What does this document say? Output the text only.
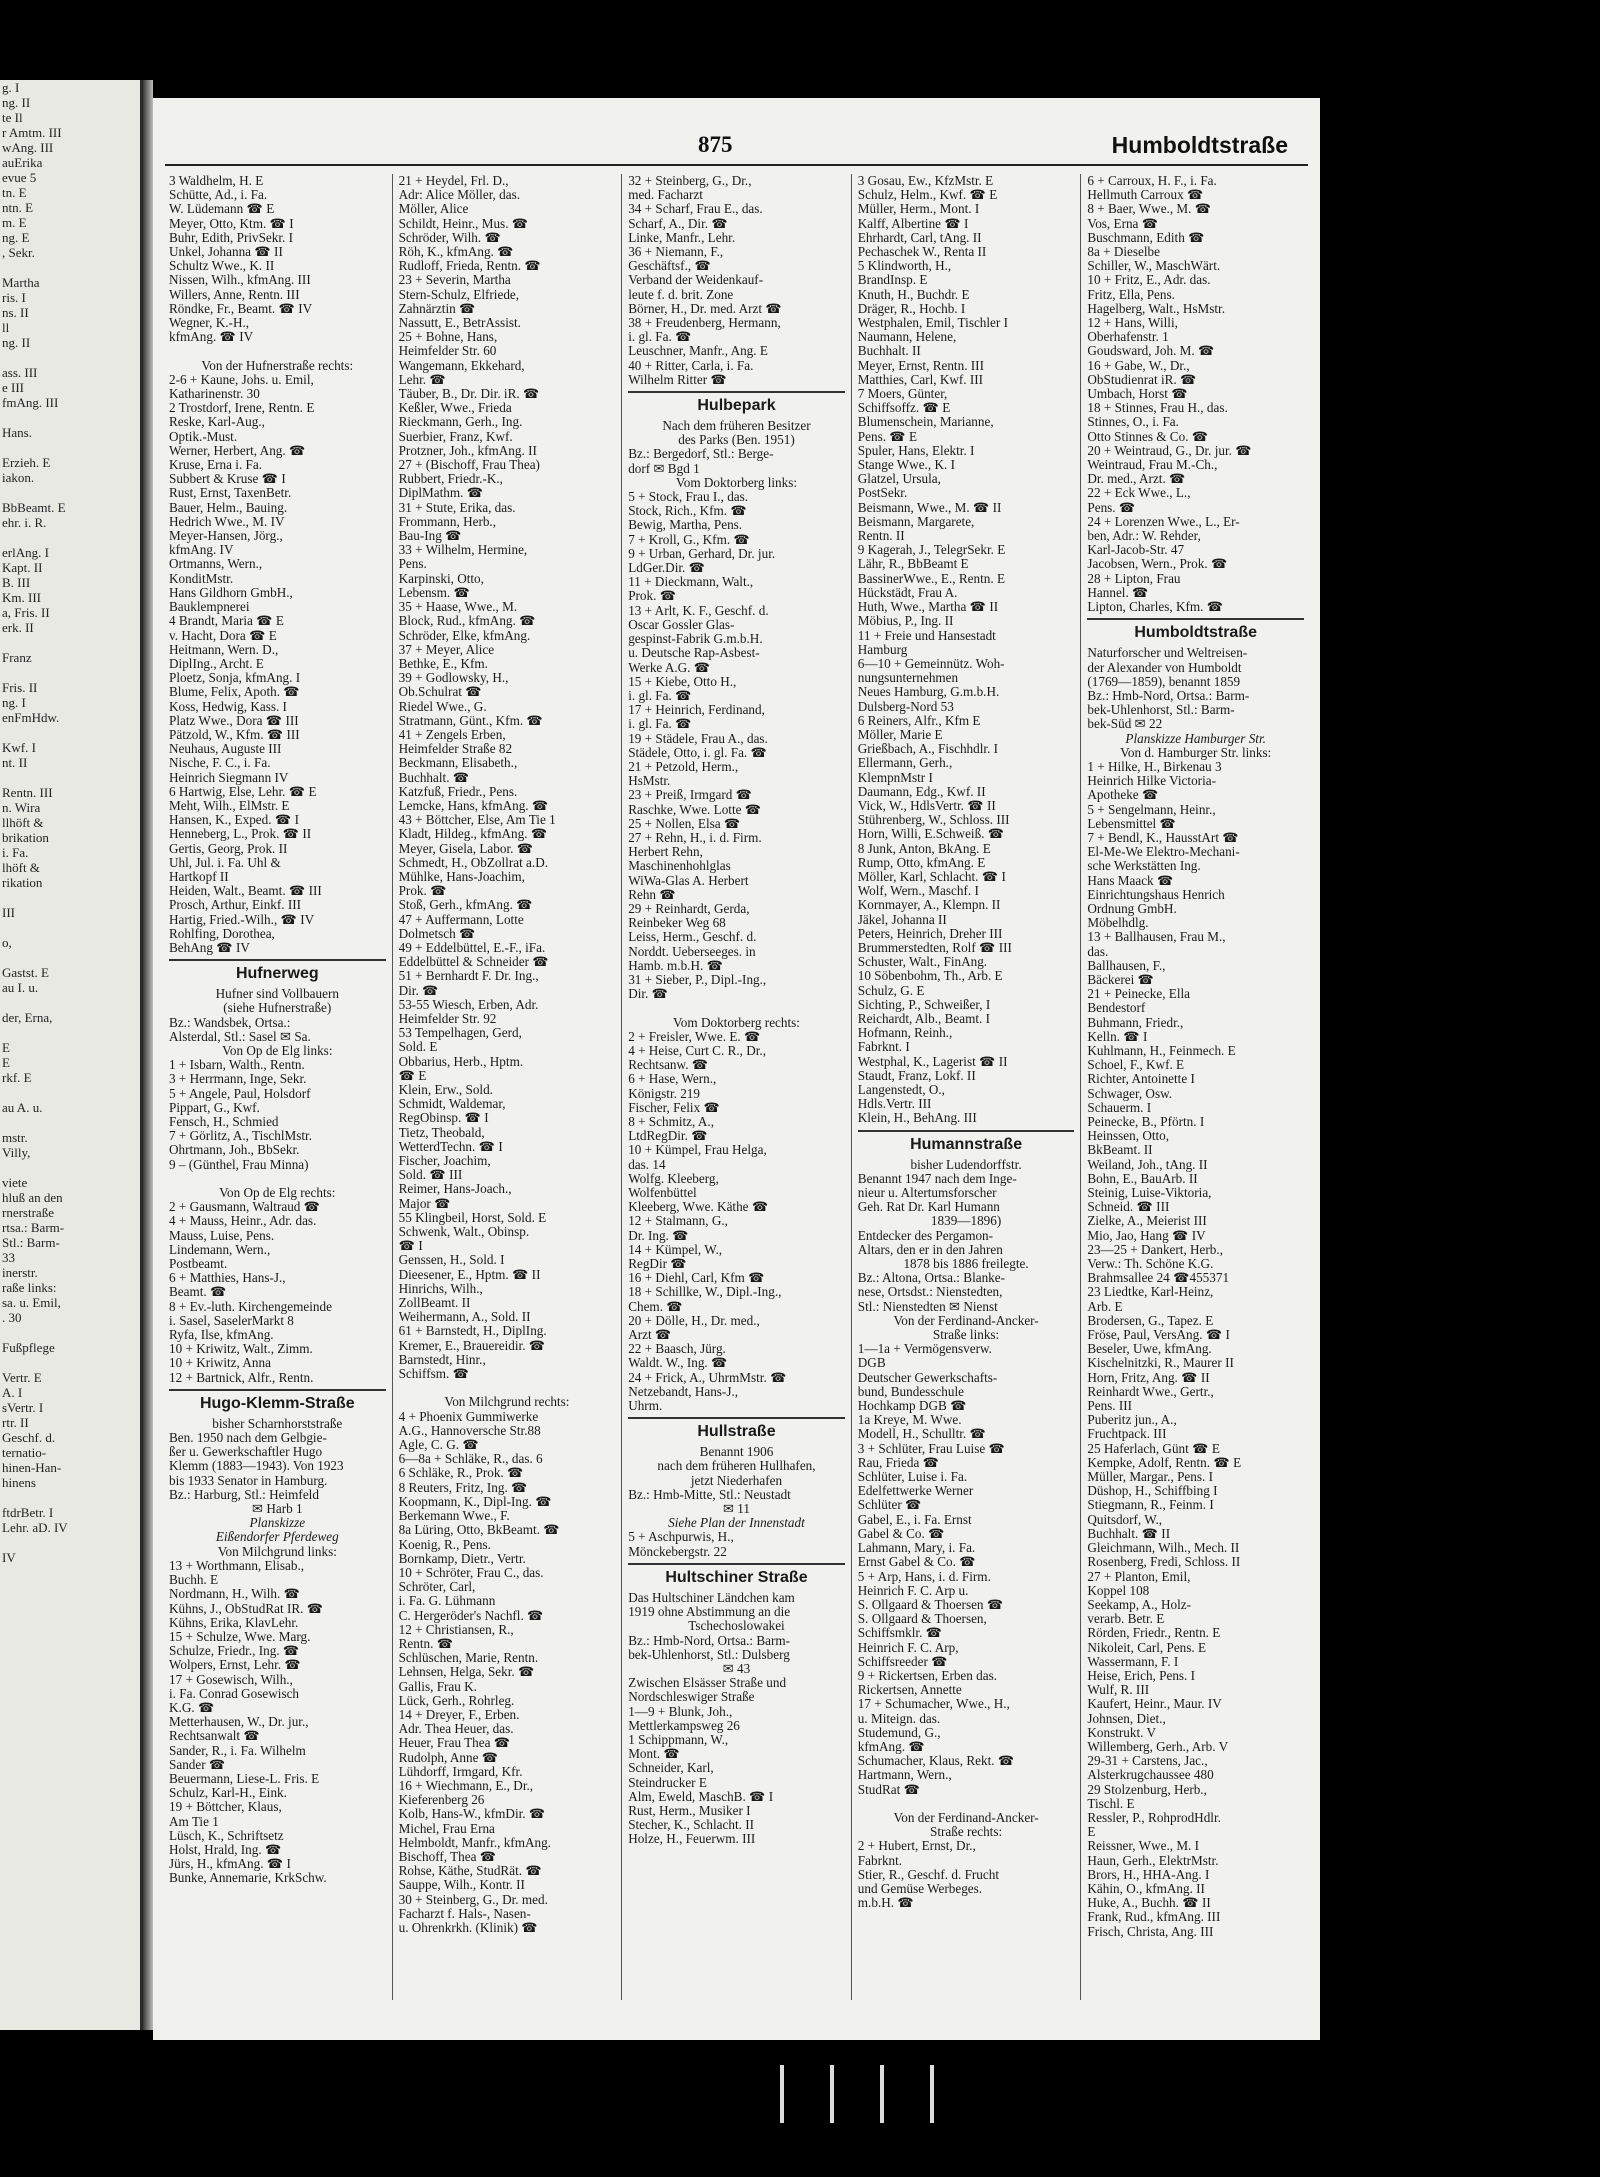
g. I
ng. II
te Il
r Amtm. III
wAng. III
auErika
evue 5
tn. E
ntn. E
m. E
ng. E
, Sekr.

Martha
ris. I
ns. II
ll
ng. II

ass. III
e III
fmAng. III

Hans.

Erzieh. E
iakon.

BbBeamt. E
ehr. i. R.

erlAng. I
Kapt. II
B. III
Km. III
a, Fris. II
erk. II

Franz

Fris. II
ng. I
enFmHdw.

Kwf. I
nt. II

Rentn. III
n. Wira
llhöft &
brikation
i. Fa.
lhöft &
rikation

III

o,

Gastst. E
au I. u.

der, Erna,

E
E
rkf. E

au A. u.

mstr.
Villy,

viete
hluß an den
rnerstraße
rtsa.: Barm-
Stl.: Barm-
33
inerstr.
raße links:
sa. u. Emil,
. 30

Fußpflege

Vertr. E
A. I
sVertr. I
rtr. II
Geschf. d.
ternatio-
hinen-Han-
hinens

ftdrBetr. I
Lehr. aD. IV

IV
875	Humboldtstraße
3 Waldhelm, H. E
Schütte, Ad., i. Fa.
W. Lüdemann ☎ E
Meyer, Otto, Ktm. ☎ I
Buhr, Edith, PrivSekr. I
Unkel, Johanna ☎ II
Schultz Wwe., K. II
Nissen, Wilh., kfmAng. III
Willers, Anne, Rentn. III
Röndke, Fr., Beamt. ☎ IV
Wegner, K.-H.,
kfmAng. ☎ IV

Von der Hufnerstraße rechts:
2-6 + Kaune, Johs. u. Emil,
Katharinenstr. 30
2 Trostdorf, Irene, Rentn. E
Reske, Karl-Aug.,
Optik.-Must.
Werner, Herbert, Ang. ☎
Kruse, Erna i. Fa.
Subbert & Kruse ☎ I
Rust, Ernst, TaxenBetr.
Bauer, Helm., Bauing.
Hedrich Wwe., M. IV
Meyer-Hansen, Jörg.,
kfmAng. IV
Ortmanns, Wern.,
KonditMstr.
Hans Gildhorn GmbH.,
Bauklempnerei
4 Brandt, Maria ☎ E
v. Hacht, Dora ☎ E
Heitmann, Wern. D.,
DiplIng., Archt. E
Ploetz, Sonja, kfmAng. I
Blume, Felix, Apoth. ☎
Koss, Hedwig, Kass. I
Platz Wwe., Dora ☎ III
Pätzold, W., Kfm. ☎ III
Neuhaus, Auguste III
Nische, F. C., i. Fa.
Heinrich Siegmann IV
6 Hartwig, Else, Lehr. ☎ E
Meht, Wilh., ElMstr. E
Hansen, K., Exped. ☎ I
Henneberg, L., Prok. ☎ II
Gertis, Georg, Prok. II
Uhl, Jul. i. Fa. Uhl &
Hartkopf II
Heiden, Walt., Beamt. ☎ III
Prosch, Arthur, Einkf. III
Hartig, Fried.-Wilh., ☎ IV
Rohlfing, Dorothea,
BehAng ☎ IV
Hufnerweg
Hufner sind Vollbauern
(siehe Hufnerstraße)
Bz.: Wandsbek, Ortsa.:
Alsterdal, Stl.: Sasel ✉ Sa.
Von Op de Elg links:
1 + Isbarn, Walth., Rentn.
3 + Herrmann, Inge, Sekr.
5 + Angele, Paul, Holsdorf
Pippart, G., Kwf.
Fensch, H., Schmied
7 + Görlitz, A., TischlMstr.
Ohrtmann, Joh., BbSekr.
9 – (Günthel, Frau Minna)

Von Op de Elg rechts:
2 + Gausmann, Waltraud ☎
4 + Mauss, Heinr., Adr. das.
Mauss, Luise, Pens.
Lindemann, Wern.,
Postbeamt.
6 + Matthies, Hans-J.,
Beamt. ☎
8 + Ev.-luth. Kirchengemeinde
i. Sasel, SaselerMarkt 8
Ryfa, Ilse, kfmAng.
10 + Kriwitz, Walt., Zimm.
10 + Kriwitz, Anna
12 + Bartnick, Alfr., Rentn.
Hugo-Klemm-Straße
bisher Scharnhorststraße
Ben. 1950 nach dem Gelbgie-
ßer u. Gewerkschaftler Hugo
Klemm (1883—1943). Von 1923
bis 1933 Senator in Hamburg.
Bz.: Harburg, Stl.: Heimfeld
✉ Harb 1
Planskizze
Eißendorfer Pferdeweg
Von Milchgrund links:
13 + Worthmann, Elisab.,
Buchh. E
Nordmann, H., Wilh. ☎
Kühns, J., ObStudRat IR. ☎
Kühns, Erika, KlavLehr.
15 + Schulze, Wwe. Marg.
Schulze, Friedr., Ing. ☎
Wolpers, Ernst, Lehr. ☎
17 + Gosewisch, Wilh.,
i. Fa. Conrad Gosewisch
K.G. ☎
Metterhausen, W., Dr. jur.,
Rechtsanwalt ☎
Sander, R., i. Fa. Wilhelm
Sander ☎
Beuermann, Liese-L. Fris. E
Schulz, Karl-H., Eink.
19 + Böttcher, Klaus,
Am Tie 1
Lüsch, K., Schriftsetz
Holst, Hrald, Ing. ☎
Jürs, H., kfmAng. ☎ I
Bunke, Annemarie, KrkSchw.
21 + Heydel, Frl. D.,
Adr: Alice Möller, das.
Möller, Alice
Schildt, Heinr., Mus. ☎
Schröder, Wilh. ☎
Röh, K., kfmAng. ☎
Rudloff, Frieda, Rentn. ☎
23 + Severin, Martha
Stern-Schulz, Elfriede,
Zahnärztin ☎
Nassutt, E., BetrAssist.
25 + Bohne, Hans,
Heimfelder Str. 60
Wangemann, Ekkehard,
Lehr. ☎
Täuber, B., Dr. Dir. iR. ☎
Keßler, Wwe., Frieda
Rieckmann, Gerh., Ing.
Suerbier, Franz, Kwf.
Protzner, Joh., kfmAng. II
27 + (Bischoff, Frau Thea)
Rubbert, Friedr.-K.,
DiplMathm. ☎
31 + Stute, Erika, das.
Frommann, Herb.,
Bau-Ing ☎
33 + Wilhelm, Hermine,
Pens.
Karpinski, Otto,
Lebensm. ☎
35 + Haase, Wwe., M.
Block, Rud., kfmAng. ☎
Schröder, Elke, kfmAng.
37 + Meyer, Alice
Bethke, E., Kfm.
39 + Godlowsky, H.,
Ob.Schulrat ☎
Riedel Wwe., G.
Stratmann, Günt., Kfm. ☎
41 + Zengels Erben,
Heimfelder Straße 82
Beckmann, Elisabeth.,
Buchhalt. ☎
Katzfuß, Friedr., Pens.
Lemcke, Hans, kfmAng. ☎
43 + Böttcher, Else, Am Tie 1
Kladt, Hildeg., kfmAng. ☎
Meyer, Gisela, Labor. ☎
Schmedt, H., ObZollrat a.D.
Mühlke, Hans-Joachim,
Prok. ☎
Stoß, Gerh., kfmAng. ☎
47 + Auffermann, Lotte
Dolmetsch ☎
49 + Eddelbüttel, E.-F., iFa.
Eddelbüttel & Schneider ☎
51 + Bernhardt F. Dr. Ing.,
Dir. ☎
53-55 Wiesch, Erben, Adr.
Heimfelder Str. 92
53 Tempelhagen, Gerd,
Sold. E
Obbarius, Herb., Hptm.
☎ E
Klein, Erw., Sold.
Schmidt, Waldemar,
RegObinsp. ☎ I
Tietz, Theobald,
WetterdTechn. ☎ I
Fischer, Joachim,
Sold. ☎ III
Reimer, Hans-Joach.,
Major ☎
55 Klingbeil, Horst, Sold. E
Schwenk, Walt., Obinsp.
☎ I
Genssen, H., Sold. I
Dieesener, E., Hptm. ☎ II
Hinrichs, Wilh.,
ZollBeamt. II
Weihermann, A., Sold. II
61 + Barnstedt, H., DiplIng.
Kremer, E., Brauereidir. ☎
Barnstedt, Hinr.,
Schiffsm. ☎

Von Milchgrund rechts:
4 + Phoenix Gummiwerke
A.G., Hannoversche Str.88
Agle, C. G. ☎
6—8a + Schläke, R., das. 6
6 Schläke, R., Prok. ☎
8 Reuters, Fritz, Ing. ☎
Koopmann, K., Dipl-Ing. ☎
Berkemann Wwe., F.
8a Lüring, Otto, BkBeamt. ☎
Koenig, R., Pens.
Bornkamp, Dietr., Vertr.
10 + Schröter, Frau C., das.
Schröter, Carl,
i. Fa. G. Lühmann
C. Hergeröder's Nachfl. ☎
12 + Christiansen, R.,
Rentn. ☎
Schlüschen, Marie, Rentn.
Lehnsen, Helga, Sekr. ☎
Gallis, Frau K.
Lück, Gerh., Rohrleg.
14 + Dreyer, F., Erben.
Adr. Thea Heuer, das.
Heuer, Frau Thea ☎
Rudolph, Anne ☎
Lühdorff, Irmgard, Kfr.
16 + Wiechmann, E., Dr.,
Kieferenberg 26
Kolb, Hans-W., kfmDir. ☎
Michel, Frau Erna
Helmboldt, Manfr., kfmAng.
Bischoff, Thea ☎
Rohse, Käthe, StudRät. ☎
Sauppe, Wilh., Kontr. II
30 + Steinberg, G., Dr. med.
Facharzt f. Hals-, Nasen-
u. Ohrenkrkh. (Klinik) ☎
32 + Steinberg, G., Dr.,
med. Facharzt
34 + Scharf, Frau E., das.
Scharf, A., Dir. ☎
Linke, Manfr., Lehr.
36 + Niemann, F.,
Geschäftsf., ☎
Verband der Weidenkauf-
leute f. d. brit. Zone
Börner, H., Dr. med. Arzt ☎
38 + Freudenberg, Hermann,
i. gl. Fa. ☎
Leuschner, Manfr., Ang. E
40 + Ritter, Carla, i. Fa.
Wilhelm Ritter ☎
Hulbepark
Nach dem früheren Besitzer
des Parks (Ben. 1951)
Bz.: Bergedorf, Stl.: Berge-
dorf ✉ Bgd 1
Vom Doktorberg links:
5 + Stock, Frau I., das.
Stock, Rich., Kfm. ☎
Bewig, Martha, Pens.
7 + Kroll, G., Kfm. ☎
9 + Urban, Gerhard, Dr. jur.
LdGer.Dir. ☎
11 + Dieckmann, Walt.,
Prok. ☎
13 + Arlt, K. F., Geschf. d.
Oscar Gossler Glas-
gespinst-Fabrik G.m.b.H.
u. Deutsche Rap-Asbest-
Werke A.G. ☎
15 + Kiebe, Otto H.,
i. gl. Fa. ☎
17 + Heinrich, Ferdinand,
i. gl. Fa. ☎
19 + Städele, Frau A., das.
Städele, Otto, i. gl. Fa. ☎
21 + Petzold, Herm.,
HsMstr.
23 + Preiß, Irmgard ☎
Raschke, Wwe. Lotte ☎
25 + Nollen, Elsa ☎
27 + Rehn, H., i. d. Firm.
Herbert Rehn,
Maschinenhohlglas
WiWa-Glas A. Herbert
Rehn ☎
29 + Reinhardt, Gerda,
Reinbeker Weg 68
Leiss, Herm., Geschf. d.
Norddt. Ueberseeges. in
Hamb. m.b.H. ☎
31 + Sieber, P., Dipl.-Ing.,
Dir. ☎

Vom Doktorberg rechts:
2 + Freisler, Wwe. E. ☎
4 + Heise, Curt C. R., Dr.,
Rechtsanw. ☎
6 + Hase, Wern.,
Königstr. 219
Fischer, Felix ☎
8 + Schmitz, A.,
LtdRegDir. ☎
10 + Kümpel, Frau Helga,
das. 14
Wolfg. Kleeberg,
Wolfenbüttel
Kleeberg, Wwe. Käthe ☎
12 + Stalmann, G.,
Dr. Ing. ☎
14 + Kümpel, W.,
RegDir ☎
16 + Diehl, Carl, Kfm ☎
18 + Schillke, W., Dipl.-Ing.,
Chem. ☎
20 + Dölle, H., Dr. med.,
Arzt ☎
22 + Baasch, Jürg.
Waldt. W., Ing. ☎
24 + Frick, A., UhrmMstr. ☎
Netzebandt, Hans-J.,
Uhrm.
Hullstraße
Benannt 1906
nach dem früheren Hullhafen,
jetzt Niederhafen
Bz.: Hmb-Mitte, Stl.: Neustadt
✉ 11
Siehe Plan der Innenstadt
5 + Aschpurwis, H.,
Mönckebergstr. 22
Hultschiner Straße
Das Hultschiner Ländchen kam
1919 ohne Abstimmung an die
Tschechoslowakei
Bz.: Hmb-Nord, Ortsa.: Barm-
bek-Uhlenhorst, Stl.: Dulsberg
✉ 43
Zwischen Elsässer Straße und
Nordschleswiger Straße
1—9 + Blunk, Joh.,
Mettlerkampsweg 26
1 Schippmann, W.,
Mont. ☎
Schneider, Karl,
Steindrucker E
Alm, Eweld, MaschB. ☎ I
Rust, Herm., Musiker I
Stecher, K., Schlacht. II
Holze, H., Feuerwm. III
3 Gosau, Ew., KfzMstr. E
Schulz, Helm., Kwf. ☎ E
Müller, Herm., Mont. I
Kalff, Albertine ☎ I
Ehrhardt, Carl, tAng. II
Pechaschek W., Renta II
5 Klindworth, H.,
BrandInsp. E
Knuth, H., Buchdr. E
Dräger, R., Hochb. I
Westphalen, Emil, Tischler I
Naumann, Helene,
Buchhalt. II
Meyer, Ernst, Rentn. III
Matthies, Carl, Kwf. III
7 Moers, Günter,
Schiffsoffz. ☎ E
Blumenschein, Marianne,
Pens. ☎ E
Spuler, Hans, Elektr. I
Stange Wwe., K. I
Glatzel, Ursula,
PostSekr.
Beismann, Wwe., M. ☎ II
Beismann, Margarete,
Rentn. II
9 Kagerah, J., TelegrSekr. E
Lähr, R., BbBeamt E
BassinerWwe., E., Rentn. E
Hückstädt, Frau A.
Huth, Wwe., Martha ☎ II
Möbius, P., Ing. II
11 + Freie und Hansestadt
Hamburg
6—10 + Gemeinnütz. Woh-
nungsunternehmen
Neues Hamburg, G.m.b.H.
Dulsberg-Nord 53
6 Reiners, Alfr., Kfm E
Möller, Marie E
Grießbach, A., Fischhdlr. I
Ellermann, Gerh.,
KlempnMstr I
Daumann, Edg., Kwf. II
Vick, W., HdlsVertr. ☎ II
Stührenberg, W., Schloss. III
Horn, Willi, E.Schweiß. ☎
8 Junk, Anton, BkAng. E
Rump, Otto, kfmAng. E
Möller, Karl, Schlacht. ☎ I
Wolf, Wern., Maschf. I
Kornmayer, A., Klempn. II
Jäkel, Johanna II
Peters, Heinrich, Dreher III
Brummerstedten, Rolf ☎ III
Schuster, Walt., FinAng.
10 Söbenbohm, Th., Arb. E
Schulz, G. E
Sichting, P., Schweißer, I
Reichardt, Alb., Beamt. I
Hofmann, Reinh.,
Fabrknt. I
Westphal, K., Lagerist ☎ II
Staudt, Franz, Lokf. II
Langenstedt, O.,
Hdls.Vertr. III
Klein, H., BehAng. III
Humannstraße
bisher Ludendorffstr.
Benannt 1947 nach dem Inge-
nieur u. Altertumsforscher
Geh. Rat Dr. Karl Humann
1839—1896)
Entdecker des Pergamon-
Altars, den er in den Jahren
1878 bis 1886 freilegte.
Bz.: Altona, Ortsa.: Blanke-
nese, Ortsdst.: Nienstedten,
Stl.: Nienstedten ✉ Nienst
Von der Ferdinand-Ancker-
Straße links:
1—1a + Vermögensverw.
DGB
Deutscher Gewerkschafts-
bund, Bundesschule
Hochkamp DGB ☎
1a Kreye, M. Wwe.
Modell, H., Schulltr. ☎
3 + Schlüter, Frau Luise ☎
Rau, Frieda ☎
Schlüter, Luise i. Fa.
Edelfettwerke Werner
Schlüter ☎
Gabel, E., i. Fa. Ernst
Gabel & Co. ☎
Lahmann, Mary, i. Fa.
Ernst Gabel & Co. ☎
5 + Arp, Hans, i. d. Firm.
Heinrich F. C. Arp u.
S. Ollgaard & Thoersen ☎
S. Ollgaard & Thoersen,
Schiffsmklr. ☎
Heinrich F. C. Arp,
Schiffsreeder ☎
9 + Rickertsen, Erben das.
Rickertsen, Annette
17 + Schumacher, Wwe., H.,
u. Miteign. das.
Studemund, G.,
kfmAng. ☎
Schumacher, Klaus, Rekt. ☎
Hartmann, Wern.,
StudRat ☎

Von der Ferdinand-Ancker-
Straße rechts:
2 + Hubert, Ernst, Dr.,
Fabrknt.
Stier, R., Geschf. d. Frucht
und Gemüse Werbeges.
m.b.H. ☎
6 + Carroux, H. F., i. Fa.
Hellmuth Carroux ☎
8 + Baer, Wwe., M. ☎
Vos, Erna ☎
Buschmann, Edith ☎
8a + Dieselbe
Schiller, W., MaschWärt.
10 + Fritz, E., Adr. das.
Fritz, Ella, Pens.
Hagelberg, Walt., HsMstr.
12 + Hans, Willi,
Oberhafenstr. 1
Goudsward, Joh. M. ☎
16 + Gabe, W., Dr.,
ObStudienrat iR. ☎
Umbach, Horst ☎
18 + Stinnes, Frau H., das.
Stinnes, O., i. Fa.
Otto Stinnes & Co. ☎
20 + Weintraud, G., Dr. jur. ☎
Weintraud, Frau M.-Ch.,
Dr. med., Arzt. ☎
22 + Eck Wwe., L.,
Pens. ☎
24 + Lorenzen Wwe., L., Er-
ben, Adr.: W. Rehder,
Karl-Jacob-Str. 47
Jacobsen, Wern., Prok. ☎
28 + Lipton, Frau
Hannel. ☎
Lipton, Charles, Kfm. ☎
Humboldtstraße
Naturforscher und Weltreisen-
der Alexander von Humboldt
(1769—1859), benannt 1859
Bz.: Hmb-Nord, Ortsa.: Barm-
bek-Uhlenhorst, Stl.: Barm-
bek-Süd ✉ 22
Planskizze Hamburger Str.
Von d. Hamburger Str. links:
1 + Hilke, H., Birkenau 3
Heinrich Hilke Victoria-
Apotheke ☎
5 + Sengelmann, Heinr.,
Lebensmittel ☎
7 + Bendl, K., HausstArt ☎
El-Me-We Elektro-Mechani-
sche Werkstätten Ing.
Hans Maack ☎
Einrichtungshaus Henrich
Ordnung GmbH.
Möbelhdlg.
13 + Ballhausen, Frau M.,
das.
Ballhausen, F.,
Bäckerei ☎
21 + Peinecke, Ella
Bendestorf
Buhmann, Friedr.,
Kelln. ☎ I
Kuhlmann, H., Feinmech. E
Schoel, F., Kwf. E
Richter, Antoinette I
Schwager, Osw.
Schauerm. I
Peinecke, B., Pförtn. I
Heinssen, Otto,
BkBeamt. II
Weiland, Joh., tAng. II
Bohn, E., BauArb. II
Steinig, Luise-Viktoria,
Schneid. ☎ III
Zielke, A., Meierist III
Mio, Jao, Hang ☎ IV
23—25 + Dankert, Herb.,
Verw.: Th. Schöne K.G.
Brahmsallee 24 ☎455371
23 Liedtke, Karl-Heinz,
Arb. E
Brodersen, G., Tapez. E
Fröse, Paul, VersAng. ☎ I
Beseler, Uwe, kfmAng.
Kischelnitzki, R., Maurer II
Horn, Fritz, Ang. ☎ II
Reinhardt Wwe., Gertr.,
Pens. III
Puberitz jun., A.,
Fruchtpack. III
25 Haferlach, Günt ☎ E
Kempke, Adolf, Rentn. ☎ E
Müller, Margar., Pens. I
Düshop, H., Schiffbing I
Stiegmann, R., Feinm. I
Quitsdorf, W.,
Buchhalt. ☎ II
Gleichmann, Wilh., Mech. II
Rosenberg, Fredi, Schloss. II
27 + Planton, Emil,
Koppel 108
Seekamp, A., Holz-
verarb. Betr. E
Rörden, Friedr., Rentn. E
Nikoleit, Carl, Pens. E
Wassermann, F. I
Heise, Erich, Pens. I
Wulf, R. III
Kaufert, Heinr., Maur. IV
Johnsen, Diet.,
Konstrukt. V
Willemberg, Gerh., Arb. V
29-31 + Carstens, Jac.,
Alsterkrugchaussee 480
29 Stolzenburg, Herb.,
Tischl. E
Ressler, P., RohprodHdlr.
E
Reissner, Wwe., M. I
Haun, Gerh., ElektrMstr.
Brors, H., HHA-Ang. I
Kähin, O., kfmAng. II
Huke, A., Buchh. ☎ II
Frank, Rud., kfmAng. III
Frisch, Christa, Ang. III
